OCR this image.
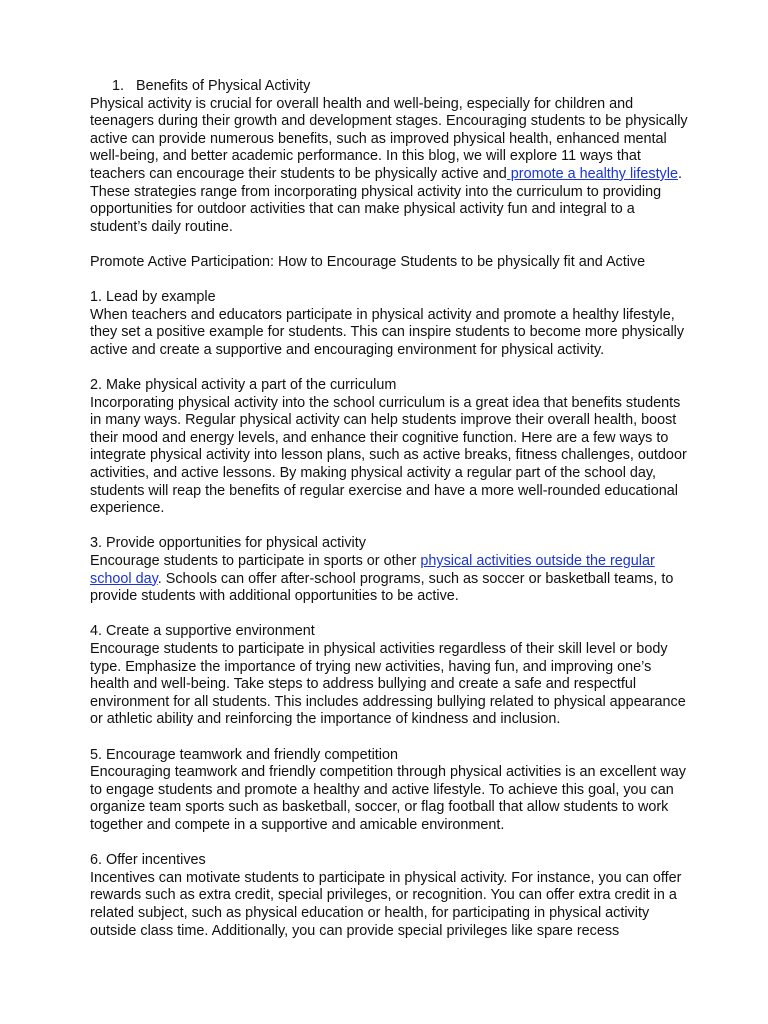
1. Benefits of Physical Activity

Physical activity is crucial for overall health and well-being, especially for children and teenagers during their growth and development stages. Encouraging students to be physically active can provide numerous benefits, such as improved physical health, enhanced mental well-being, and better academic performance. In this blog, we will explore 11 ways that teachers can encourage their students to be physically active and promote a healthy lifestyle. These strategies range from incorporating physical activity into the curriculum to providing opportunities for outdoor activities that can make physical activity fun and integral to a student’s daily routine.

Promote Active Participation: How to Encourage Students to be physically fit and Active

1. Lead by example

When teachers and educators participate in physical activity and promote a healthy lifestyle, they set a positive example for students. This can inspire students to become more physically active and create a supportive and encouraging environment for physical activity.

2. Make physical activity a part of the curriculum

Incorporating physical activity into the school curriculum is a great idea that benefits students in many ways. Regular physical activity can help students improve their overall health, boost their mood and energy levels, and enhance their cognitive function. Here are a few ways to integrate physical activity into lesson plans, such as active breaks, fitness challenges, outdoor activities, and active lessons. By making physical activity a regular part of the school day, students will reap the benefits of regular exercise and have a more well-rounded educational experience.

3. Provide opportunities for physical activity

Encourage students to participate in sports or other physical activities outside the regular school day. Schools can offer after-school programs, such as soccer or basketball teams, to provide students with additional opportunities to be active.

4. Create a supportive environment

Encourage students to participate in physical activities regardless of their skill level or body type. Emphasize the importance of trying new activities, having fun, and improving one’s health and well-being. Take steps to address bullying and create a safe and respectful environment for all students. This includes addressing bullying related to physical appearance or athletic ability and reinforcing the importance of kindness and inclusion.

5. Encourage teamwork and friendly competition

Encouraging teamwork and friendly competition through physical activities is an excellent way to engage students and promote a healthy and active lifestyle. To achieve this goal, you can organize team sports such as basketball, soccer, or flag football that allow students to work together and compete in a supportive and amicable environment.

6. Offer incentives

Incentives can motivate students to participate in physical activity. For instance, you can offer rewards such as extra credit, special privileges, or recognition. You can offer extra credit in a related subject, such as physical education or health, for participating in physical activity outside class time. Additionally, you can provide special privileges like spare recess
